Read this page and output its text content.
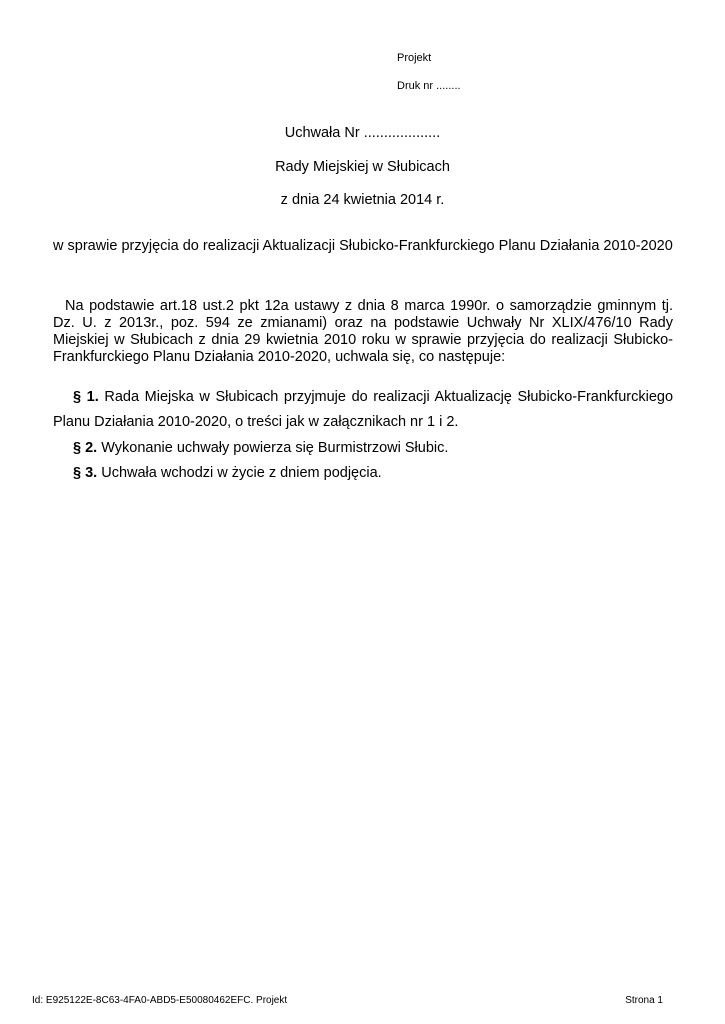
Projekt
Druk nr ........
Uchwała Nr ...................
Rady Miejskiej w Słubicach
z dnia 24 kwietnia 2014 r.
w sprawie przyjęcia do realizacji Aktualizacji Słubicko-Frankfurckiego Planu Działania 2010-2020
Na podstawie art.18 ust.2 pkt 12a ustawy z dnia 8 marca 1990r. o samorządzie gminnym tj. Dz. U. z 2013r., poz. 594 ze zmianami) oraz na podstawie Uchwały Nr XLIX/476/10 Rady Miejskiej w Słubicach z dnia 29 kwietnia 2010 roku w sprawie przyjęcia do realizacji Słubicko-Frankfurckiego Planu Działania 2010-2020, uchwala się, co następuje:
§ 1. Rada Miejska w Słubicach przyjmuje do realizacji Aktualizację Słubicko-Frankfurckiego
Planu Działania 2010-2020, o treści jak w załącznikach nr 1 i 2.
§ 2. Wykonanie uchwały powierza się Burmistrzowi Słubic.
§ 3. Uchwała wchodzi w życie z dniem podjęcia.
Id: E925122E-8C63-4FA0-ABD5-E50080462EFC. Projekt	Strona 1
